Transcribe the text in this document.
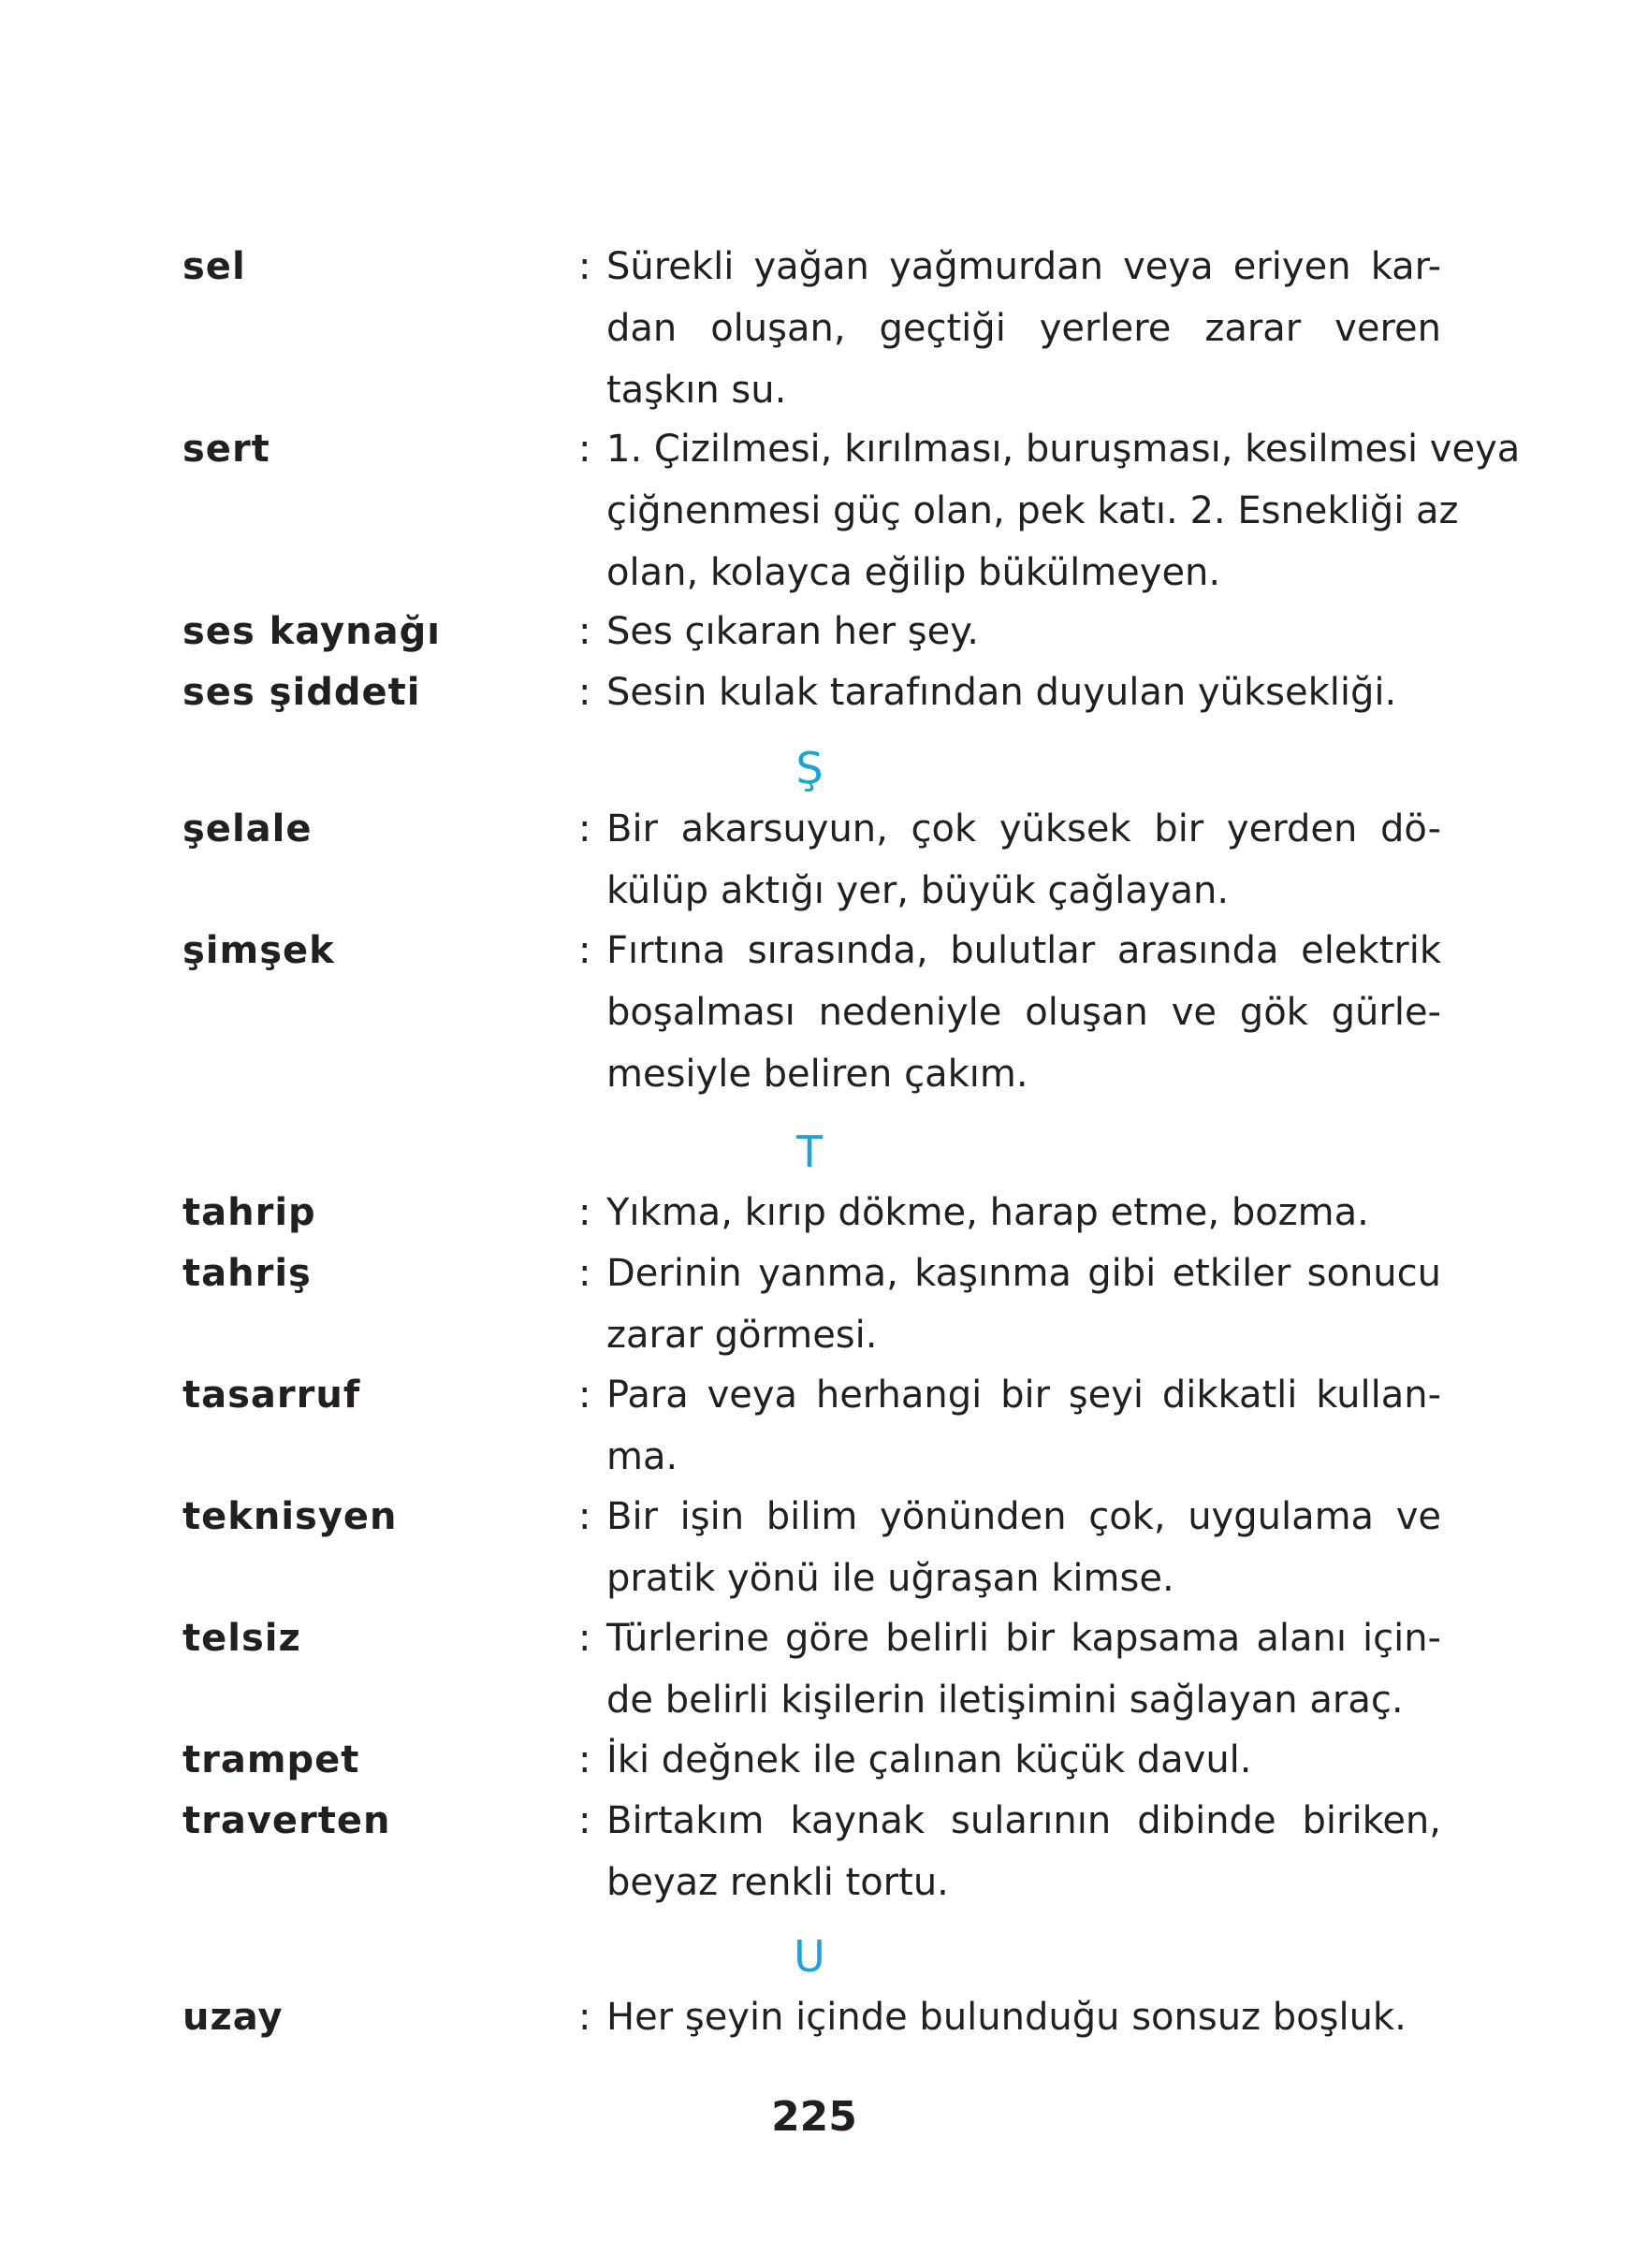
sel	: Sürekli yağan yağmurdan veya eriyen kar-
dan oluşan, geçtiği yerlere zarar veren
taşkın su.
sert	: 1. Çizilmesi, kırılması, buruşması, kesilmesi veya
çiğnenmesi güç olan, pek katı. 2. Esnekliği az
olan, kolayca eğilip bükülmeyen.
ses kaynağı	: Ses çıkaran her şey.
ses şiddeti	: Sesin kulak tarafından duyulan yüksekliği.
Ş
şelale	: Bir akarsuyun, çok yüksek bir yerden dö-
külüp aktığı yer, büyük çağlayan.
şimşek	: Fırtına sırasında, bulutlar arasında elektrik
boşalması nedeniyle oluşan ve gök gürle-
mesiyle beliren çakım.
T
tahrip	: Yıkma, kırıp dökme, harap etme, bozma.
tahriş	: Derinin yanma, kaşınma gibi etkiler sonucu
zarar görmesi.
tasarruf	: Para veya herhangi bir şeyi dikkatli kullan-
ma.
teknisyen	: Bir işin bilim yönünden çok, uygulama ve
pratik yönü ile uğraşan kimse.
telsiz	: Türlerine göre belirli bir kapsama alanı için-
de belirli kişilerin iletişimini sağlayan araç.
trampet	: İki değnek ile çalınan küçük davul.
traverten	: Birtakım kaynak sularının dibinde biriken,
beyaz renkli tortu.
U
uzay	: Her şeyin içinde bulunduğu sonsuz boşluk.
225
